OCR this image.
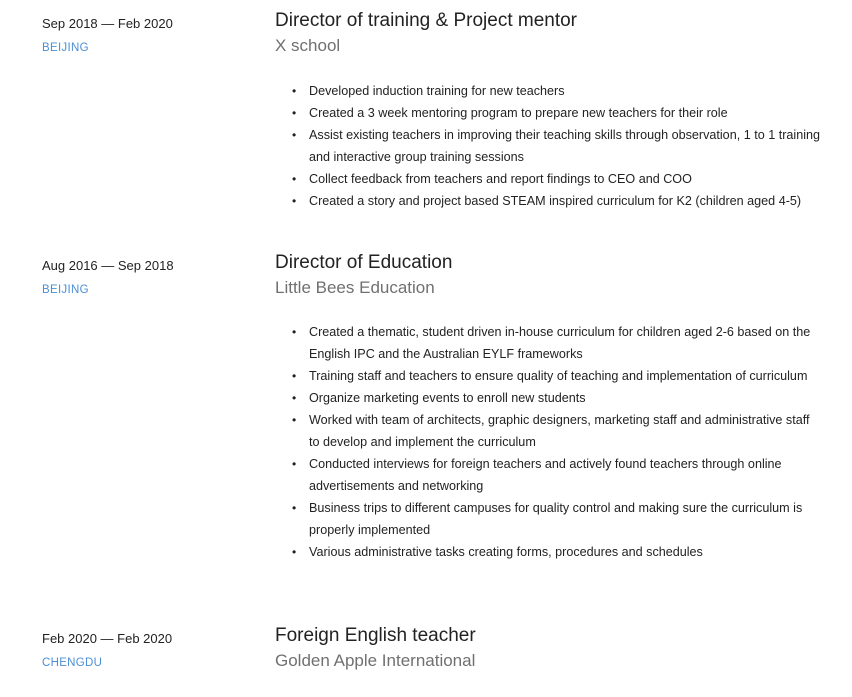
Sep 2018 — Feb 2020
BEIJING
Director of training & Project mentor
X school
• Developed induction training for new teachers
• Created a 3 week mentoring program to prepare new teachers for their role
• Assist existing teachers in improving their teaching skills through observation, 1 to 1 training and interactive group training sessions
• Collect feedback from teachers and report findings to CEO and COO
• Created a story and project based STEAM inspired curriculum for K2 (children aged 4-5)
Aug 2016 — Sep 2018
BEIJING
Director of Education
Little Bees Education
• Created a thematic, student driven in-house curriculum for children aged 2-6 based on the English IPC and the Australian EYLF frameworks
• Training staff and teachers to ensure quality of teaching and implementation of curriculum
• Organize marketing events to enroll new students
• Worked with team of architects, graphic designers, marketing staff and administrative staff to develop and implement the curriculum
• Conducted interviews for foreign teachers and actively found teachers through online advertisements and networking
• Business trips to different campuses for quality control and making sure the curriculum is properly implemented
• Various administrative tasks creating forms, procedures and schedules
Feb 2020 — Feb 2020
CHENGDU
Foreign English teacher
Golden Apple International
